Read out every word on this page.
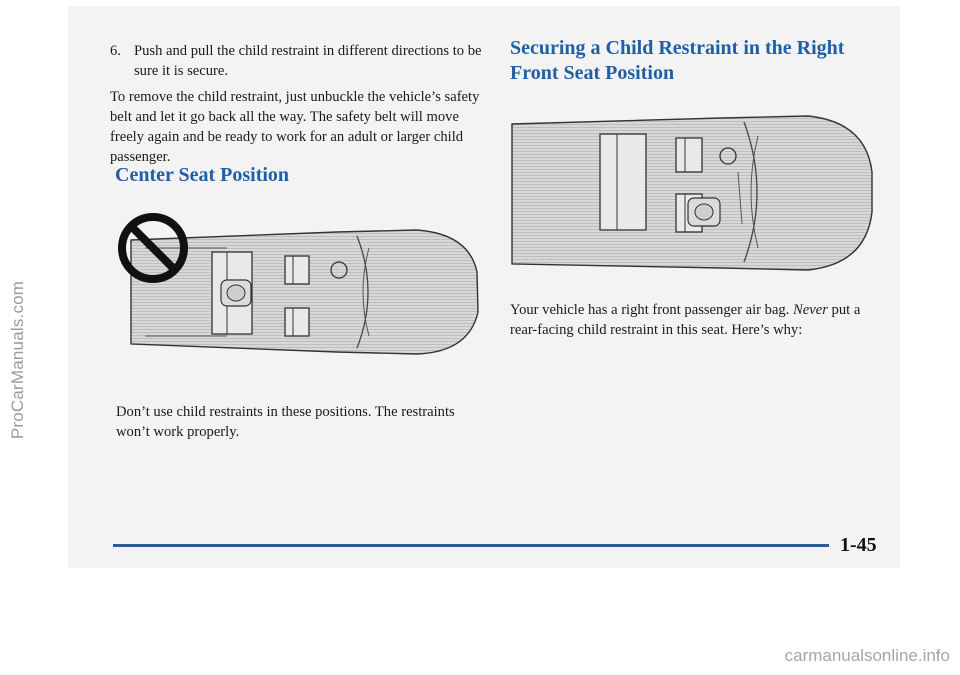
ProCarManuals.com
carmanualsonline.info
6. Push and pull the child restraint in different directions to be sure it is secure.
To remove the child restraint, just unbuckle the vehicle’s safety belt and let it go back all the way. The safety belt will move freely again and be ready to work for an adult or larger child passenger.
Center Seat Position
Don’t use child restraints in these positions. The restraints won’t work properly.
Securing a Child Restraint in the Right Front Seat Position
Your vehicle has a right front passenger air bag. Never put a rear-facing child restraint in this seat. Here’s why:
1-45
